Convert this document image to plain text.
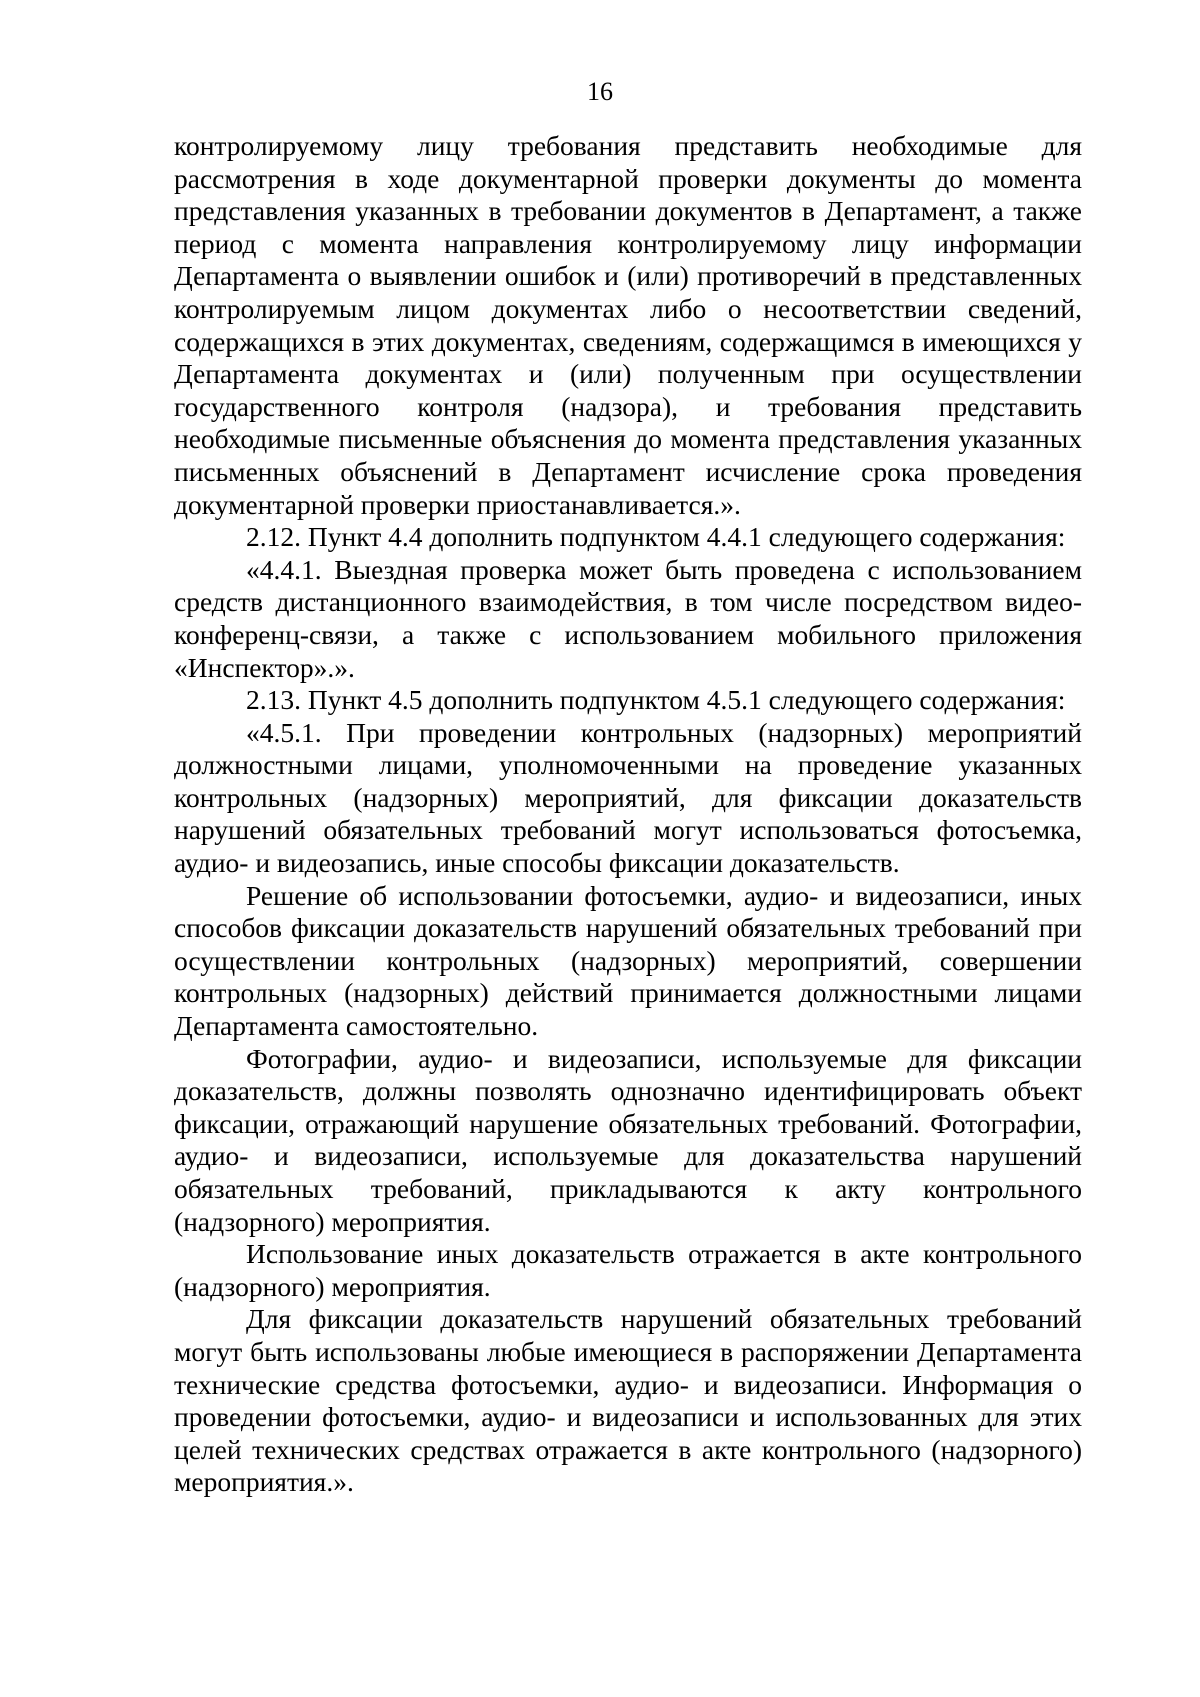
16

контролируемому лицу требования представить необходимые для рассмотрения в ходе документарной проверки документы до момента представления указанных в требовании документов в Департамент, а также период с момента направления контролируемому лицу информации Департамента о выявлении ошибок и (или) противоречий в представленных контролируемым лицом документах либо о несоответствии сведений, содержащихся в этих документах, сведениям, содержащимся в имеющихся у Департамента документах и (или) полученным при осуществлении государственного контроля (надзора), и требования представить необходимые письменные объяснения до момента представления указанных письменных объяснений в Департамент исчисление срока проведения документарной проверки приостанавливается.».

2.12. Пункт 4.4 дополнить подпунктом 4.4.1 следующего содержания:

«4.4.1. Выездная проверка может быть проведена с использованием средств дистанционного взаимодействия, в том числе посредством видео-конференц-связи, а также с использованием мобильного приложения «Инспектор».».

2.13. Пункт 4.5 дополнить подпунктом 4.5.1 следующего содержания:

«4.5.1. При проведении контрольных (надзорных) мероприятий должностными лицами, уполномоченными на проведение указанных контрольных (надзорных) мероприятий, для фиксации доказательств нарушений обязательных требований могут использоваться фотосъемка, аудио- и видеозапись, иные способы фиксации доказательств.

Решение об использовании фотосъемки, аудио- и видеозаписи, иных способов фиксации доказательств нарушений обязательных требований при осуществлении контрольных (надзорных) мероприятий, совершении контрольных (надзорных) действий принимается должностными лицами Департамента самостоятельно.

Фотографии, аудио- и видеозаписи, используемые для фиксации доказательств, должны позволять однозначно идентифицировать объект фиксации, отражающий нарушение обязательных требований. Фотографии, аудио- и видеозаписи, используемые для доказательства нарушений обязательных требований, прикладываются к акту контрольного (надзорного) мероприятия.

Использование иных доказательств отражается в акте контрольного (надзорного) мероприятия.

Для фиксации доказательств нарушений обязательных требований могут быть использованы любые имеющиеся в распоряжении Департамента технические средства фотосъемки, аудио- и видеозаписи. Информация о проведении фотосъемки, аудио- и видеозаписи и использованных для этих целей технических средствах отражается в акте контрольного (надзорного) мероприятия.».
